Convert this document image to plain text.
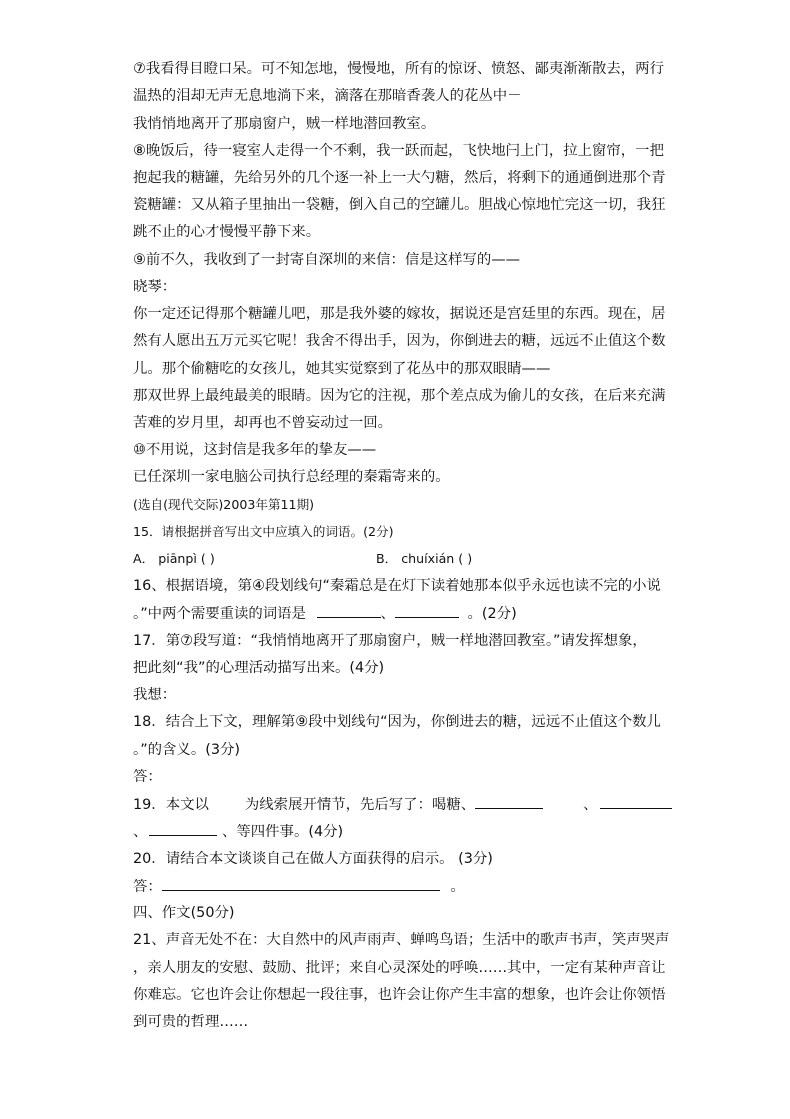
⑦我看得目瞪口呆。可不知怎地，慢慢地，所有的惊讶、愤怒、鄙夷渐渐散去，两行
温热的泪却无声无息地淌下来，滴落在那暗香袭人的花丛中－
我悄悄地离开了那扇窗户，贼一样地潜回教室。
⑧晚饭后，待一寝室人走得一个不剩，我一跃而起，飞快地闩上门，拉上窗帘，一把
抱起我的糖罐，先给另外的几个逐一补上一大勺糖，然后，将剩下的通通倒进那个青
瓷糖罐：又从箱子里抽出一袋糖，倒入自己的空罐儿。胆战心惊地忙完这一切，我狂
跳不止的心才慢慢平静下来。
⑨前不久，我收到了一封寄自深圳的来信：信是这样写的——
晓琴：
你一定还记得那个糖罐儿吧，那是我外婆的嫁妆，据说还是宫廷里的东西。现在，居
然有人愿出五万元买它呢！我舍不得出手，因为，你倒进去的糖，远远不止值这个数
儿。那个偷糖吃的女孩儿，她其实觉察到了花丛中的那双眼睛——
那双世界上最纯最美的眼睛。因为它的注视，那个差点成为偷儿的女孩，在后来充满
苦难的岁月里，却再也不曾妄动过一回。
⑩不用说，这封信是我多年的挚友——
已任深圳一家电脑公司执行总经理的秦霜寄来的。
(选自(现代交际)2003年第11期)
15．请根据拼音写出文中应填入的词语。(2分)
A． piānpì ( )	B． chuíxián ( )
16、根据语境，第④段划线句“秦霜总是在灯下读着她那本似乎永远也读不完的小说
。”中两个需要重读的词语是	、	。(2分)
17．第⑦段写道：“我悄悄地离开了那扇窗户，贼一样地潜回教室。”请发挥想象，
把此刻“我”的心理活动描写出来。(4分)
我想：
18．结合上下文，理解第⑨段中划线句“因为，你倒进去的糖，远远不止值这个数儿
。”的含义。(3分)
答：
19．本文以	为线索展开情节，先后写了：喝糖、	、
、	、等四件事。(4分)
20．请结合本文谈谈自己在做人方面获得的启示。 (3分)
答：	。
四、作文(50分)
21、声音无处不在：大自然中的风声雨声、蝉鸣鸟语；生活中的歌声书声，笑声哭声
，亲人朋友的安慰、鼓励、批评；来自心灵深处的呼唤……其中，一定有某种声音让
你难忘。它也许会让你想起一段往事，也许会让你产生丰富的想象，也许会让你领悟
到可贵的哲理……
